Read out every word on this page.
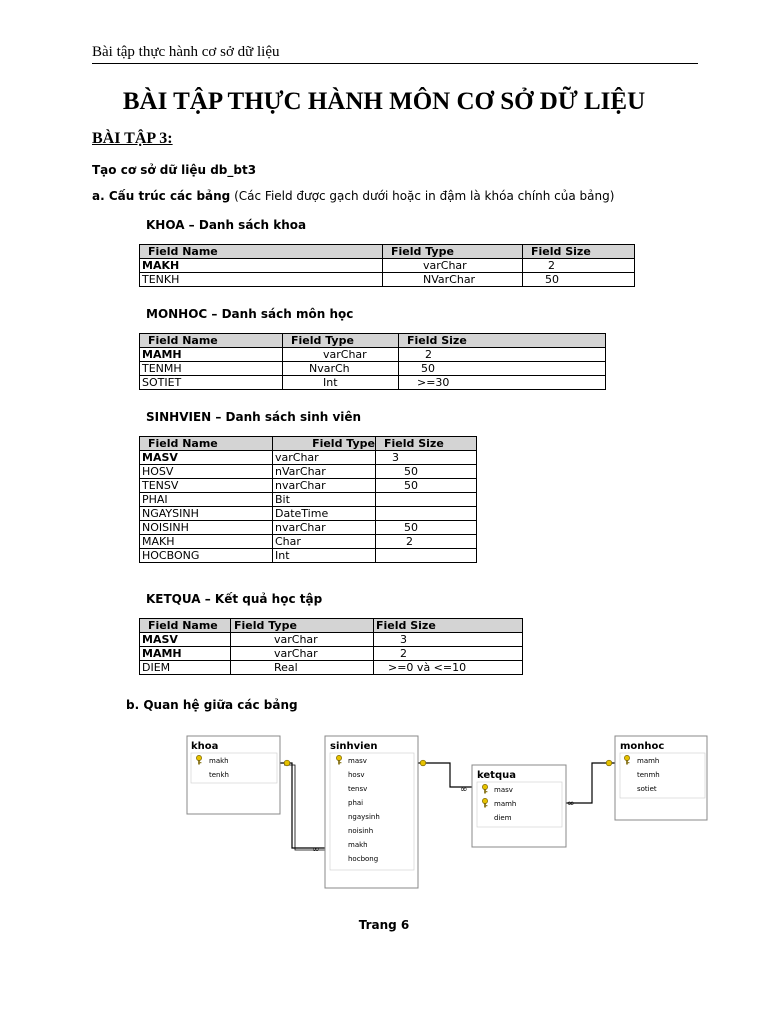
Bài tập thực hành cơ sở dữ liệu
BÀI TẬP THỰC HÀNH MÔN CƠ SỞ DỮ LIỆU
BÀI TẬP 3:
Tạo cơ sở dữ liệu db_bt3
a. Cấu trúc các bảng (Các Field được gạch dưới hoặc in đậm là khóa chính của bảng)
KHOA – Danh sách khoa
Field Name	Field Type	Field Size
MAKH	varChar	2
TENKH	NVarChar	50
MONHOC – Danh sách môn học
Field Name	Field Type	Field Size
MAMH	varChar	2
TENMH	NvarCh	50
SOTIET	Int	>=30
SINHVIEN – Danh sách sinh viên
Field Name	Field Type	Field Size
MASV	varChar	3
HOSV	nVarChar	50
TENSV	nvarChar	50
PHAI	Bit	
NGAYSINH	DateTime	
NOISINH	nvarChar	50
MAKH	Char	2
HOCBONG	Int	
KETQUA – Kết quả học tập
Field Name	Field Type	Field Size
MASV	varChar	3
MAMH	varChar	2
DIEM	Real	>=0 và <=10
b. Quan hệ giữa các bảng
∞
∞
∞
khoa
makh
tenkh
sinhvien
masv
hosv
tensv
phai
ngaysinh
noisinh
makh
hocbong
ketqua
masv
mamh
diem
monhoc
mamh
tenmh
sotiet
Trang 6
